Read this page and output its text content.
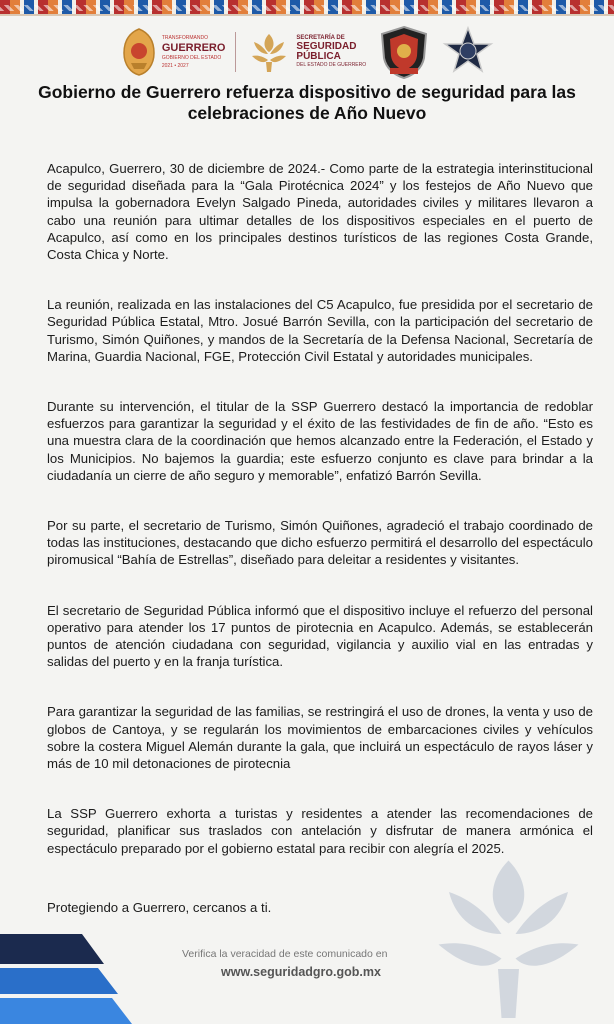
TRANSFORMANDO
GUERRERO
GOBIERNO DEL ESTADO
2021 • 2027
SECRETARÍA DE
SEGURIDAD
PÚBLICA
DEL ESTADO DE GUERRERO
Gobierno de Guerrero refuerza dispositivo de seguridad para las celebraciones de Año Nuevo

Acapulco, Guerrero, 30 de diciembre de 2024.- Como parte de la estrategia interinstitucional de seguridad diseñada para la “Gala Pirotécnica 2024” y los festejos de Año Nuevo que impulsa la gobernadora Evelyn Salgado Pineda, autoridades civiles y militares llevaron a cabo una reunión para ultimar detalles de los dispositivos especiales en el puerto de Acapulco, así como en los principales destinos turísticos de las regiones Costa Grande, Costa Chica y Norte.

La reunión, realizada en las instalaciones del C5 Acapulco, fue presidida por el secretario de Seguridad Pública Estatal, Mtro. Josué Barrón Sevilla, con la participación del secretario de Turismo, Simón Quiñones, y mandos de la Secretaría de la Defensa Nacional, Secretaría de Marina, Guardia Nacional, FGE, Protección Civil Estatal y autoridades municipales.

Durante su intervención, el titular de la SSP Guerrero destacó la importancia de redoblar esfuerzos para garantizar la seguridad y el éxito de las festividades de fin de año. “Esto es una muestra clara de la coordinación que hemos alcanzado entre la Federación, el Estado y los Municipios. No bajemos la guardia; este esfuerzo conjunto es clave para brindar a la ciudadanía un cierre de año seguro y memorable”, enfatizó Barrón Sevilla.

Por su parte, el secretario de Turismo, Simón Quiñones, agradeció el trabajo coordinado de todas las instituciones, destacando que dicho esfuerzo permitirá el desarrollo del espectáculo piromusical “Bahía de Estrellas”, diseñado para deleitar a residentes y visitantes.

El secretario de Seguridad Pública informó que el dispositivo incluye el refuerzo del personal operativo para atender los 17 puntos de pirotecnia en Acapulco. Además, se establecerán puntos de atención ciudadana con seguridad, vigilancia y auxilio vial en las entradas y salidas del puerto y en la franja turística.

Para garantizar la seguridad de las familias, se restringirá el uso de drones, la venta y uso de globos de Cantoya, y se regularán los movimientos de embarcaciones civiles y vehículos sobre la costera Miguel Alemán durante la gala, que incluirá un espectáculo de rayos láser y más de 10 mil detonaciones de pirotecnia

La SSP Guerrero exhorta a turistas y residentes a atender las recomendaciones de seguridad, planificar sus traslados con antelación y disfrutar de manera armónica el espectáculo preparado por el gobierno estatal para recibir con alegría el 2025.

Protegiendo a Guerrero, cercanos a ti.
Verifica la veracidad de este comunicado en
www.seguridadgro.gob.mx
